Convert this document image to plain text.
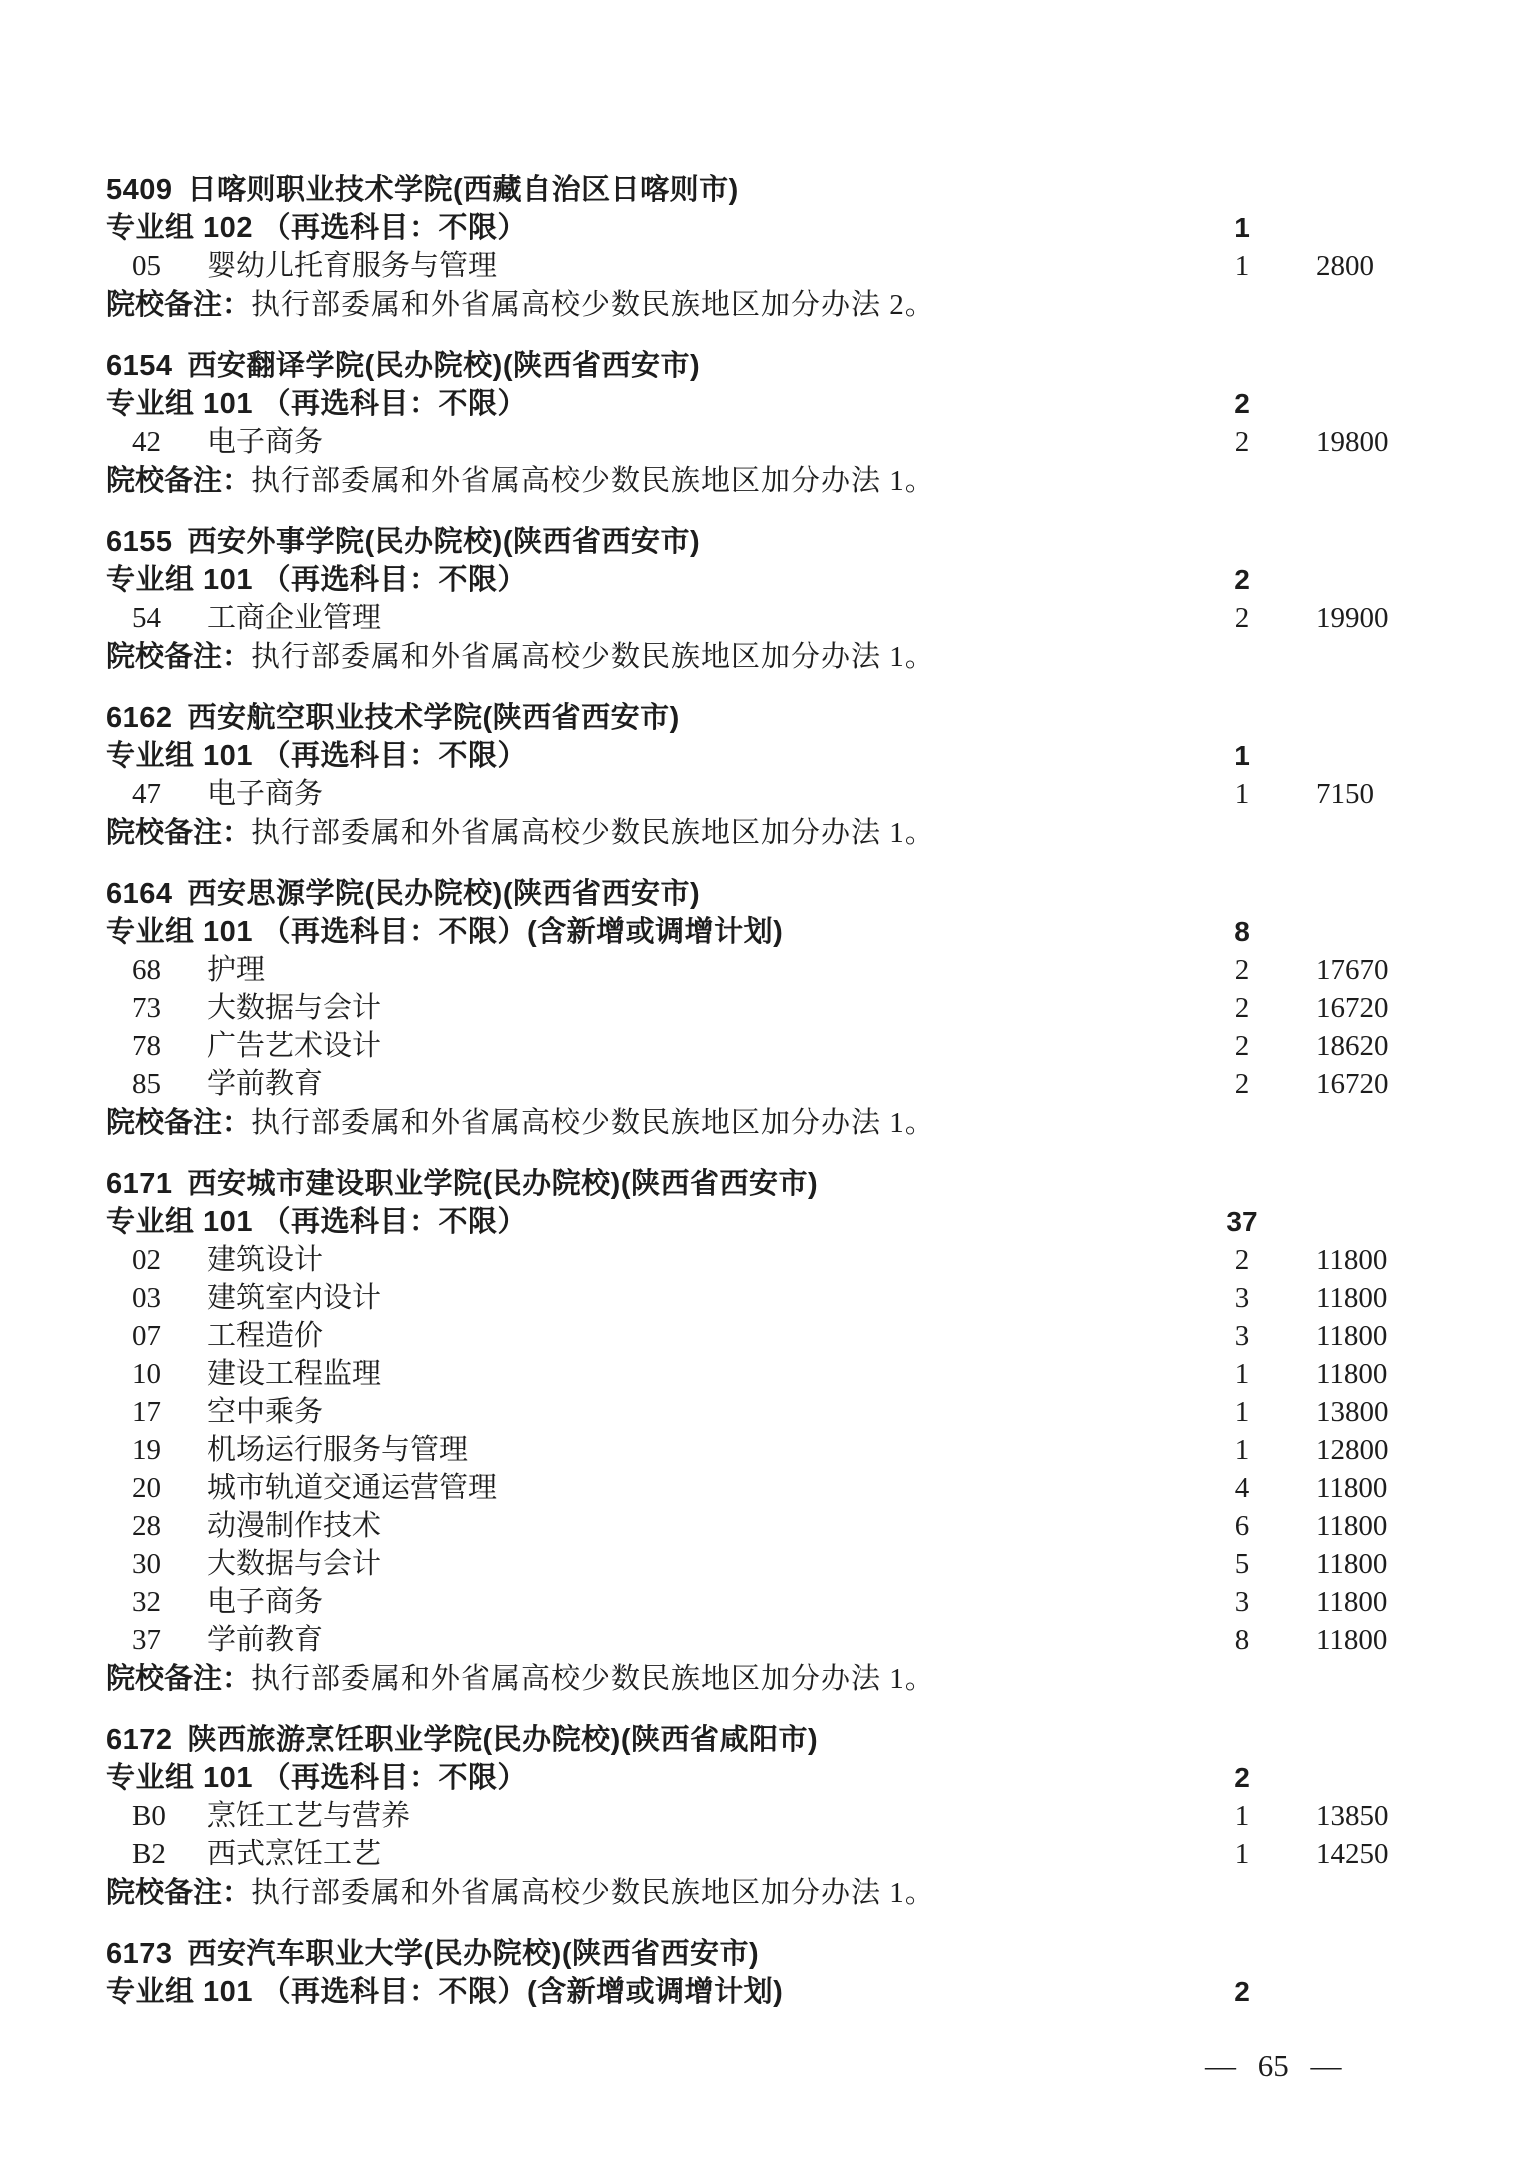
5409 日喀则职业技术学院(西藏自治区日喀则市)
专业组 102 （再选科目：不限）	1
05 婴幼儿托育服务与管理	1	2800
院校备注：执行部委属和外省属高校少数民族地区加分办法 2。
6154 西安翻译学院(民办院校)(陕西省西安市)
专业组 101 （再选科目：不限）	2
42 电子商务	2	19800
院校备注：执行部委属和外省属高校少数民族地区加分办法 1。
6155 西安外事学院(民办院校)(陕西省西安市)
专业组 101 （再选科目：不限）	2
54 工商企业管理	2	19900
院校备注：执行部委属和外省属高校少数民族地区加分办法 1。
6162 西安航空职业技术学院(陕西省西安市)
专业组 101 （再选科目：不限）	1
47 电子商务	1	7150
院校备注：执行部委属和外省属高校少数民族地区加分办法 1。
6164 西安思源学院(民办院校)(陕西省西安市)
专业组 101 （再选科目：不限）(含新增或调增计划)	8
68 护理	2	17670
73 大数据与会计	2	16720
78 广告艺术设计	2	18620
85 学前教育	2	16720
院校备注：执行部委属和外省属高校少数民族地区加分办法 1。
6171 西安城市建设职业学院(民办院校)(陕西省西安市)
专业组 101 （再选科目：不限）	37
02 建筑设计	2	11800
03 建筑室内设计	3	11800
07 工程造价	3	11800
10 建设工程监理	1	11800
17 空中乘务	1	13800
19 机场运行服务与管理	1	12800
20 城市轨道交通运营管理	4	11800
28 动漫制作技术	6	11800
30 大数据与会计	5	11800
32 电子商务	3	11800
37 学前教育	8	11800
院校备注：执行部委属和外省属高校少数民族地区加分办法 1。
6172 陕西旅游烹饪职业学院(民办院校)(陕西省咸阳市)
专业组 101 （再选科目：不限）	2
B0 烹饪工艺与营养	1	13850
B2 西式烹饪工艺	1	14250
院校备注：执行部委属和外省属高校少数民族地区加分办法 1。
6173 西安汽车职业大学(民办院校)(陕西省西安市)
专业组 101 （再选科目：不限）(含新增或调增计划)	2
— 65 —
